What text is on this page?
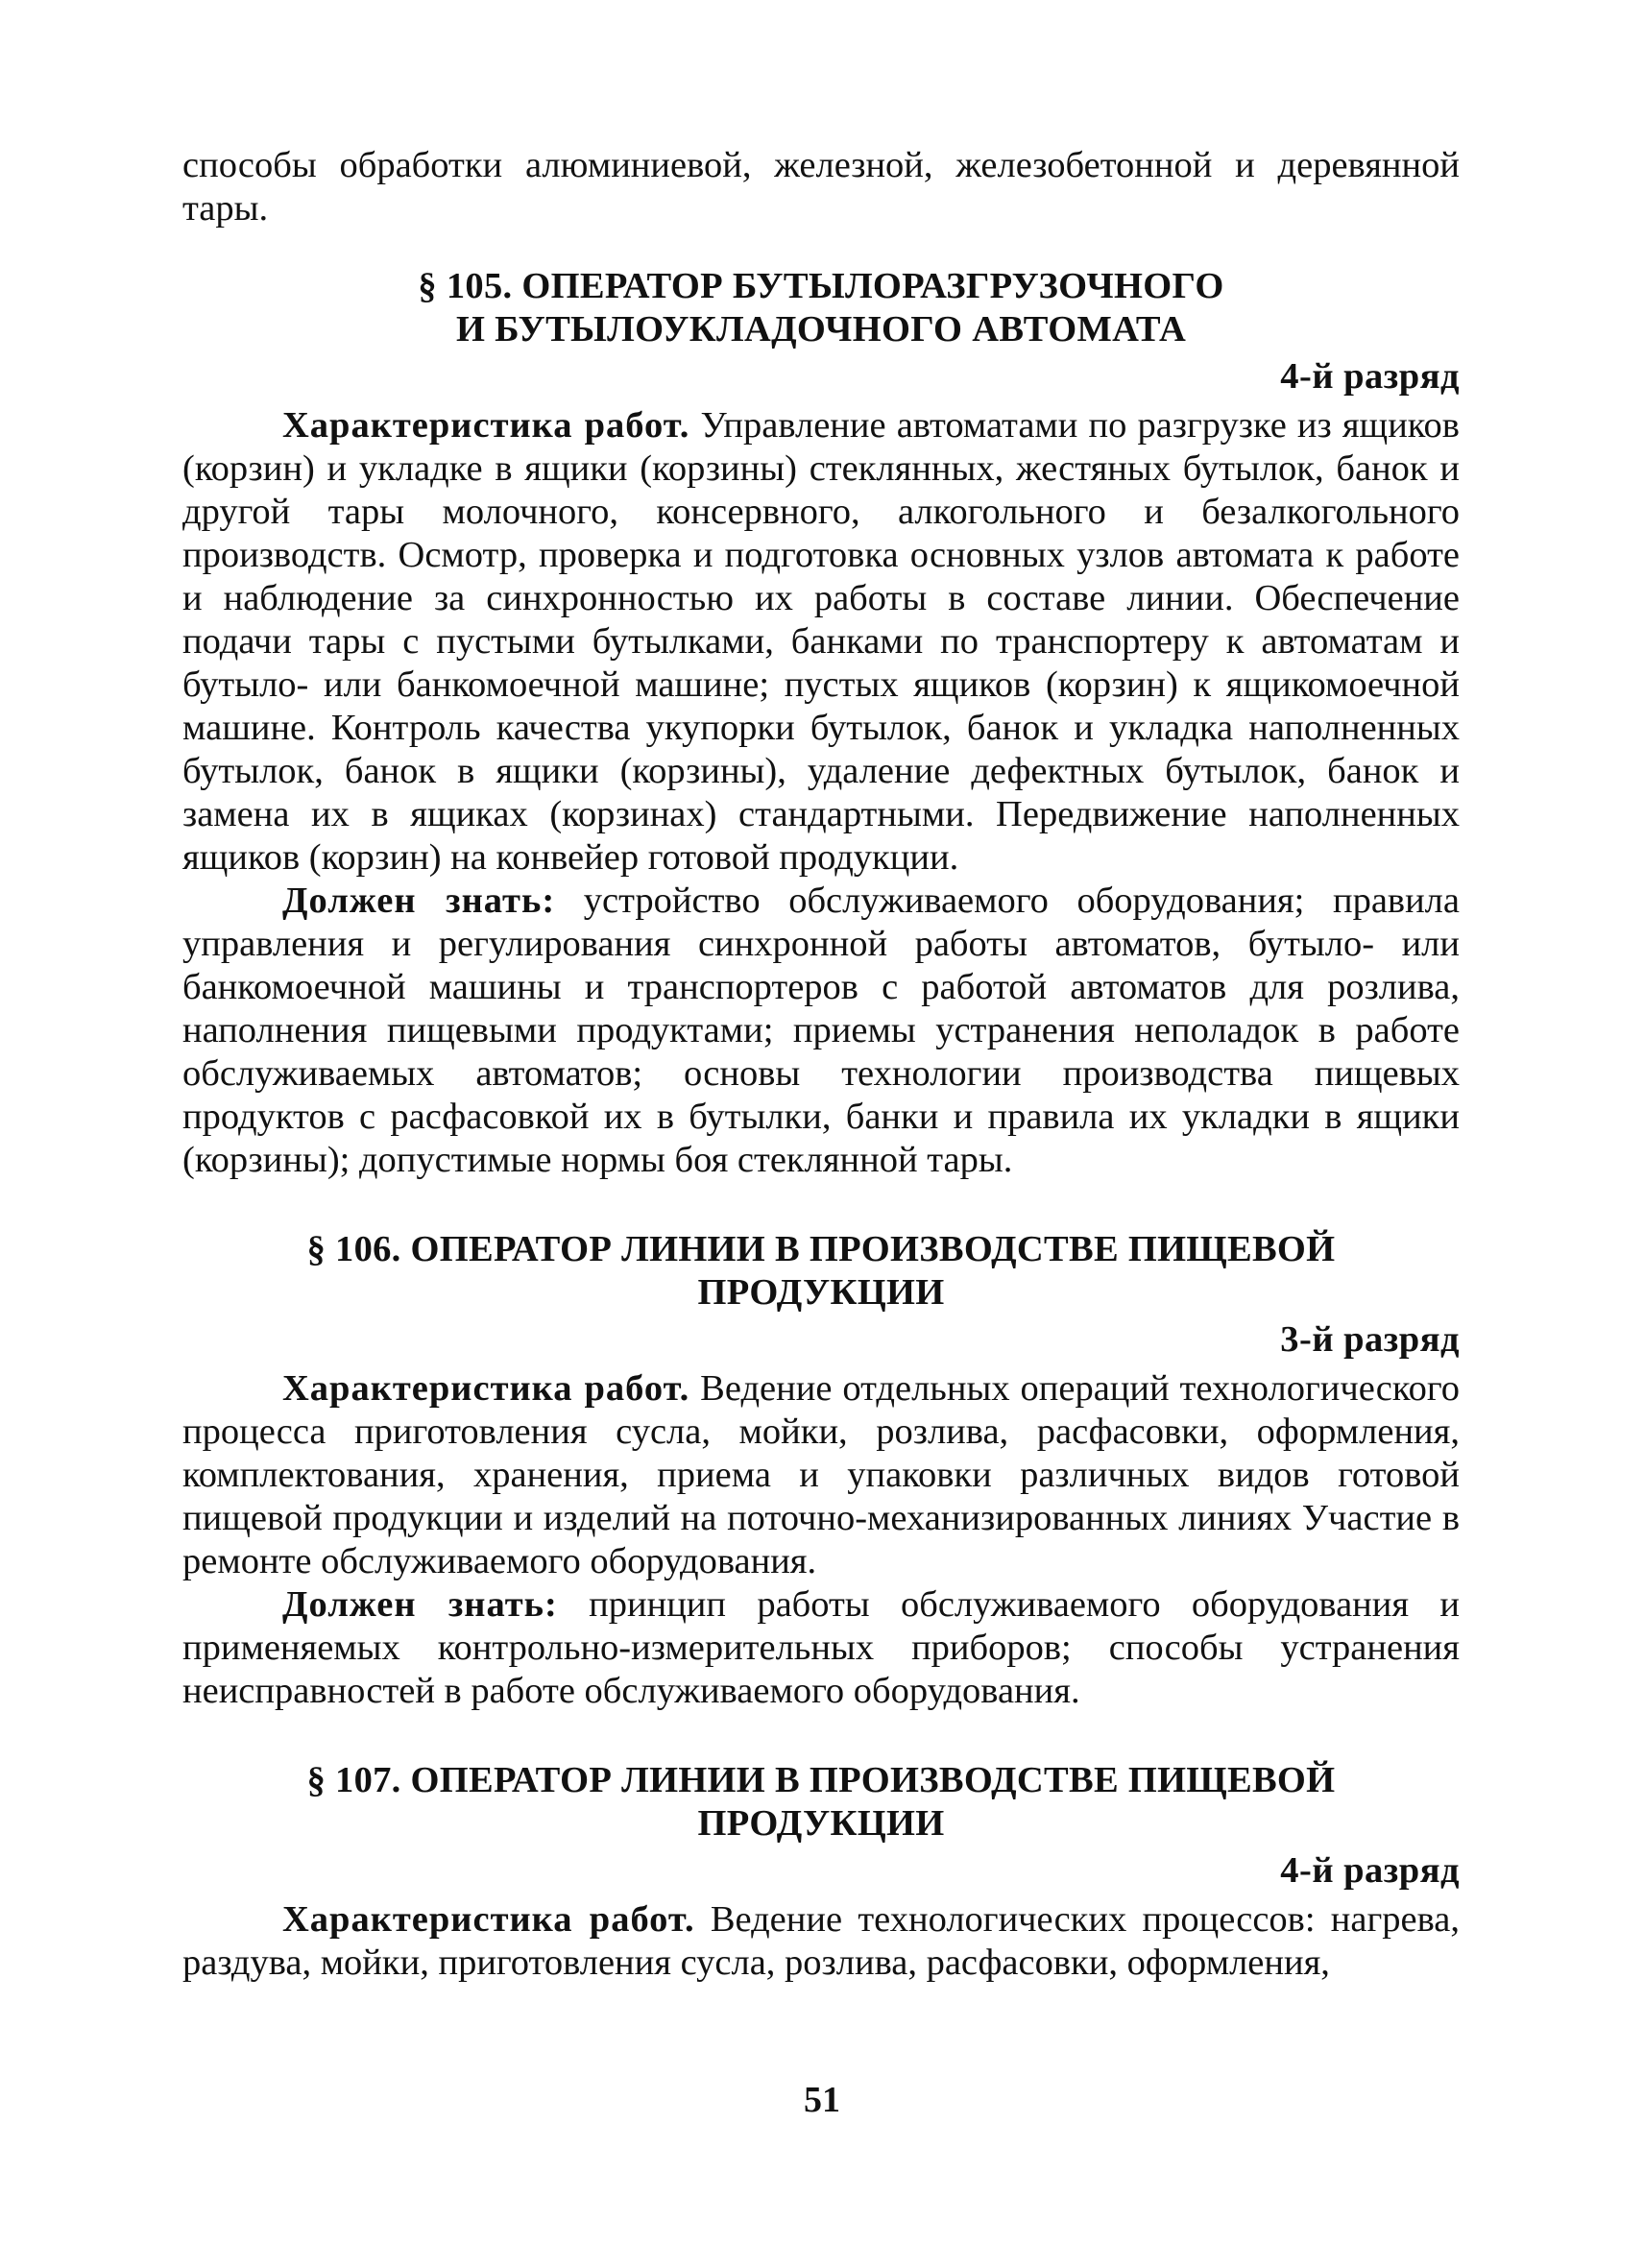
способы обработки алюминиевой, железной, железобетонной и деревянной тары.

§ 105. ОПЕРАТОР БУТЫЛОРАЗГРУЗОЧНОГО
И БУТЫЛОУКЛАДОЧНОГО АВТОМАТА
4-й разряд

Характеристика работ. Управление автоматами по разгрузке из ящиков (корзин) и укладке в ящики (корзины) стеклянных, жестяных бутылок, банок и другой тары молочного, консервного, алкогольного и безалкогольного производств. Осмотр, проверка и подготовка основных узлов автомата к работе и наблюдение за синхронностью их работы в составе линии. Обеспечение подачи тары с пустыми бутылками, банками по транспортеру к автоматам и бутыло- или банкомоечной машине; пустых ящиков (корзин) к ящикомоечной машине. Контроль качества укупорки бутылок, банок и укладка наполненных бутылок, банок в ящики (корзины), удаление дефектных бутылок, банок и замена их в ящиках (корзинах) стандартными. Передвижение наполненных ящиков (корзин) на конвейер готовой продукции.

Должен знать: устройство обслуживаемого оборудования; правила управления и регулирования синхронной работы автоматов, бутыло- или банкомоечной машины и транспортеров с работой автоматов для розлива, наполнения пищевыми продуктами; приемы устранения неполадок в работе обслуживаемых автоматов; основы технологии производства пищевых продуктов с расфасовкой их в бутылки, банки и правила их укладки в ящики (корзины); допустимые нормы боя стеклянной тары.

§ 106. ОПЕРАТОР ЛИНИИ В ПРОИЗВОДСТВЕ ПИЩЕВОЙ
ПРОДУКЦИИ
3-й разряд

Характеристика работ. Ведение отдельных операций технологического процесса приготовления сусла, мойки, розлива, расфасовки, оформления, комплектования, хранения, приема и упаковки различных видов готовой пищевой продукции и изделий на поточно-механизированных линиях Участие в ремонте обслуживаемого оборудования.

Должен знать: принцип работы обслуживаемого оборудования и применяемых контрольно-измерительных приборов; способы устранения неисправностей в работе обслуживаемого оборудования.

§ 107. ОПЕРАТОР ЛИНИИ В ПРОИЗВОДСТВЕ ПИЩЕВОЙ
ПРОДУКЦИИ
4-й разряд

Характеристика работ. Ведение технологических процессов: нагрева, раздува, мойки, приготовления сусла, розлива, расфасовки, оформления,

51
